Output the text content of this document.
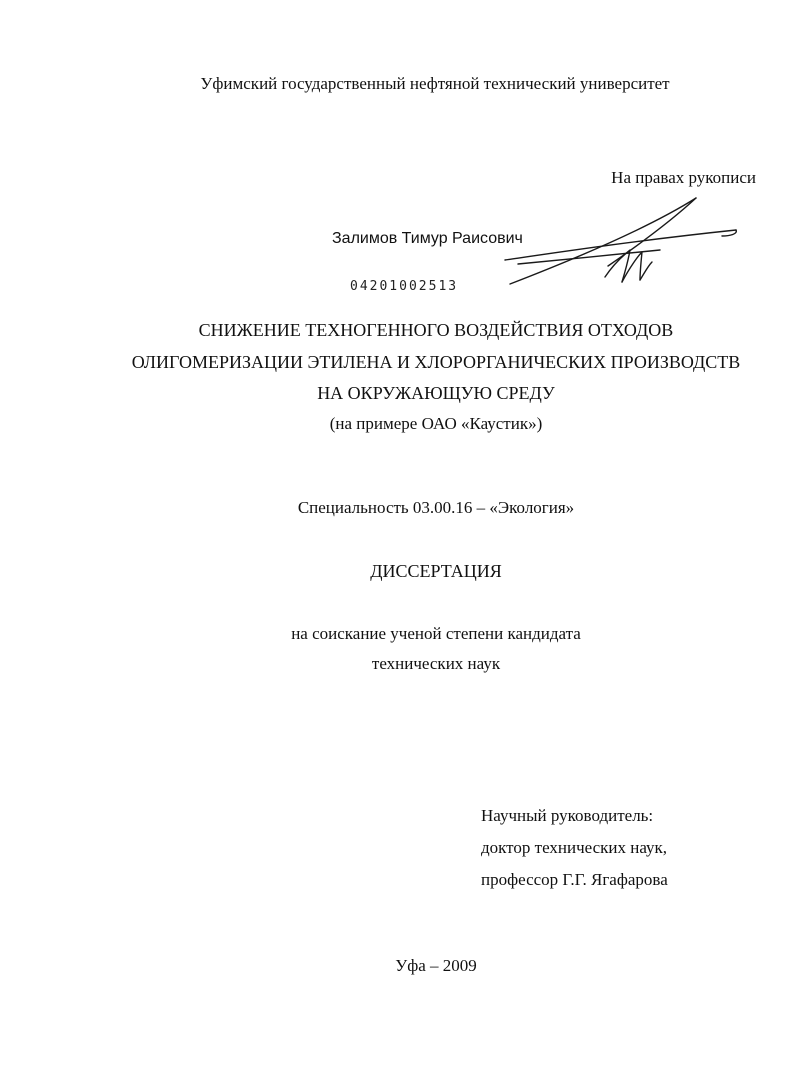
Уфимский государственный нефтяной технический университет
На правах рукописи
Залимов Тимур Раисович
04201002513
СНИЖЕНИЕ ТЕХНОГЕННОГО ВОЗДЕЙСТВИЯ ОТХОДОВ
ОЛИГОМЕРИЗАЦИИ ЭТИЛЕНА И ХЛОРОРГАНИЧЕСКИХ ПРОИЗВОДСТВ
НА ОКРУЖАЮЩУЮ СРЕДУ
(на примере ОАО «Каустик»)
Специальность 03.00.16 – «Экология»
ДИССЕРТАЦИЯ
на соискание ученой степени кандидата
технических наук
Научный руководитель:
доктор технических наук,
профессор Г.Г. Ягафарова
Уфа – 2009
